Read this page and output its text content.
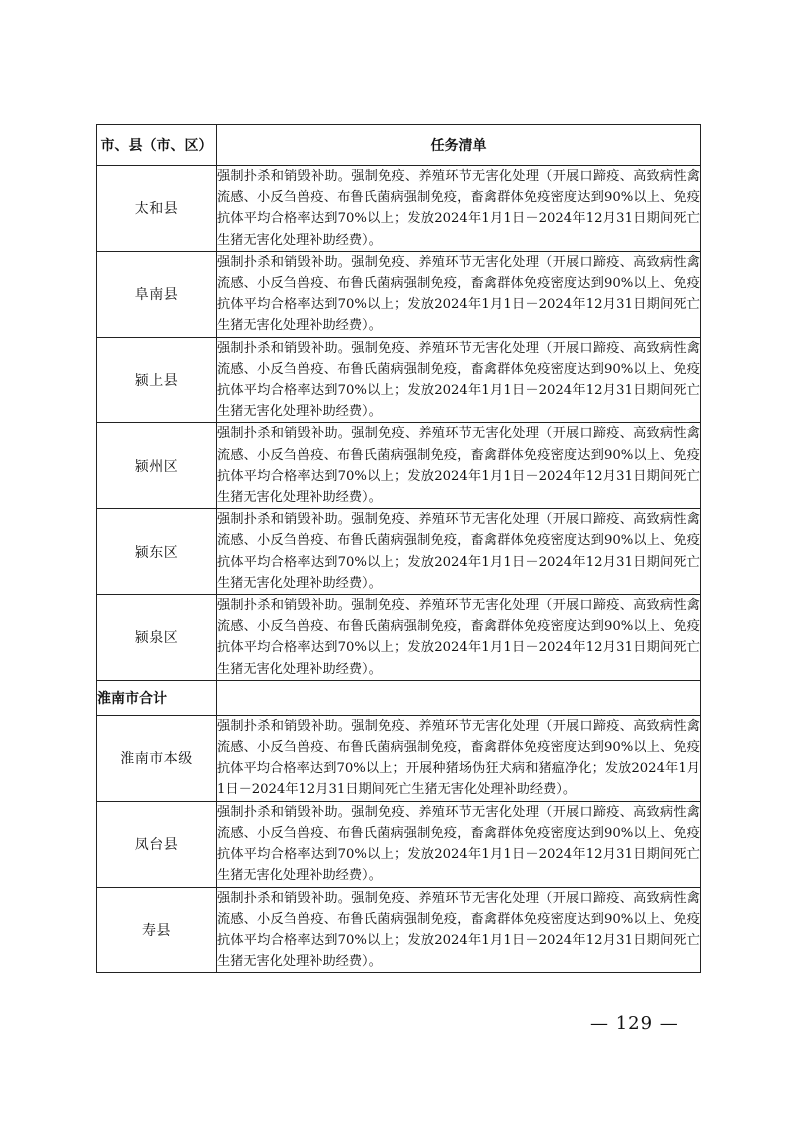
市、县（市、区）	任务清单
太和县	强制扑杀和销毁补助。强制免疫、养殖环节无害化处理（开展口蹄疫、高致病性禽流感、小反刍兽疫、布鲁氏菌病强制免疫，畜禽群体免疫密度达到90%以上、免疫抗体平均合格率达到70%以上；发放2024年1月1日－2024年12月31日期间死亡生猪无害化处理补助经费）。
阜南县	强制扑杀和销毁补助。强制免疫、养殖环节无害化处理（开展口蹄疫、高致病性禽流感、小反刍兽疫、布鲁氏菌病强制免疫，畜禽群体免疫密度达到90%以上、免疫抗体平均合格率达到70%以上；发放2024年1月1日－2024年12月31日期间死亡生猪无害化处理补助经费）。
颍上县	强制扑杀和销毁补助。强制免疫、养殖环节无害化处理（开展口蹄疫、高致病性禽流感、小反刍兽疫、布鲁氏菌病强制免疫，畜禽群体免疫密度达到90%以上、免疫抗体平均合格率达到70%以上；发放2024年1月1日－2024年12月31日期间死亡生猪无害化处理补助经费）。
颍州区	强制扑杀和销毁补助。强制免疫、养殖环节无害化处理（开展口蹄疫、高致病性禽流感、小反刍兽疫、布鲁氏菌病强制免疫，畜禽群体免疫密度达到90%以上、免疫抗体平均合格率达到70%以上；发放2024年1月1日－2024年12月31日期间死亡生猪无害化处理补助经费）。
颍东区	强制扑杀和销毁补助。强制免疫、养殖环节无害化处理（开展口蹄疫、高致病性禽流感、小反刍兽疫、布鲁氏菌病强制免疫，畜禽群体免疫密度达到90%以上、免疫抗体平均合格率达到70%以上；发放2024年1月1日－2024年12月31日期间死亡生猪无害化处理补助经费）。
颍泉区	强制扑杀和销毁补助。强制免疫、养殖环节无害化处理（开展口蹄疫、高致病性禽流感、小反刍兽疫、布鲁氏菌病强制免疫，畜禽群体免疫密度达到90%以上、免疫抗体平均合格率达到70%以上；发放2024年1月1日－2024年12月31日期间死亡生猪无害化处理补助经费）。
淮南市合计	
淮南市本级	强制扑杀和销毁补助。强制免疫、养殖环节无害化处理（开展口蹄疫、高致病性禽流感、小反刍兽疫、布鲁氏菌病强制免疫，畜禽群体免疫密度达到90%以上、免疫抗体平均合格率达到70%以上；开展种猪场伪狂犬病和猪瘟净化；发放2024年1月1日－2024年12月31日期间死亡生猪无害化处理补助经费）。
凤台县	强制扑杀和销毁补助。强制免疫、养殖环节无害化处理（开展口蹄疫、高致病性禽流感、小反刍兽疫、布鲁氏菌病强制免疫，畜禽群体免疫密度达到90%以上、免疫抗体平均合格率达到70%以上；发放2024年1月1日－2024年12月31日期间死亡生猪无害化处理补助经费）。
寿县	强制扑杀和销毁补助。强制免疫、养殖环节无害化处理（开展口蹄疫、高致病性禽流感、小反刍兽疫、布鲁氏菌病强制免疫，畜禽群体免疫密度达到90%以上、免疫抗体平均合格率达到70%以上；发放2024年1月1日－2024年12月31日期间死亡生猪无害化处理补助经费）。
— 129 —
